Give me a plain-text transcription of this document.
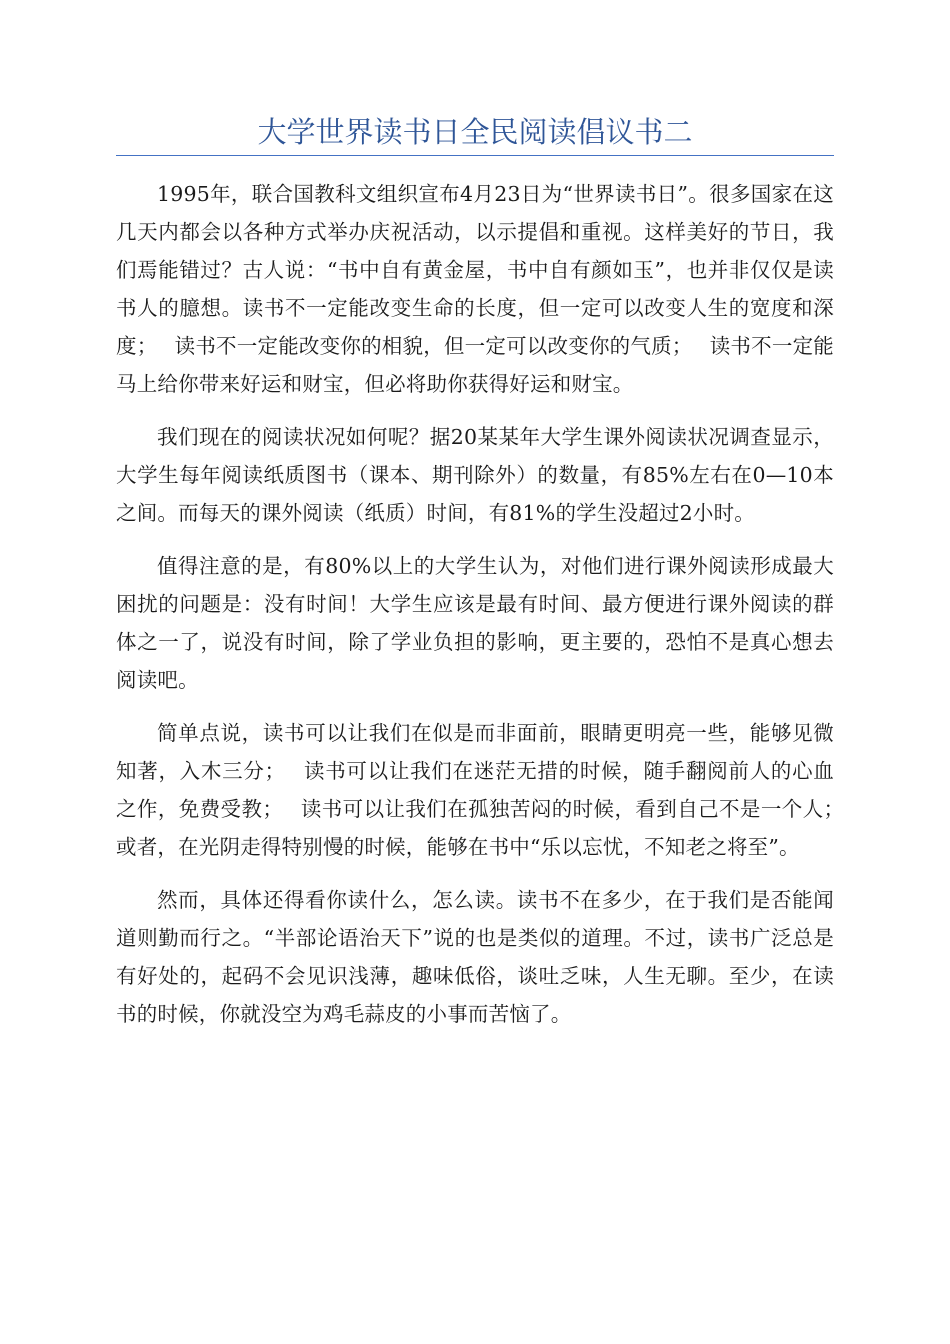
大学世界读书日全民阅读倡议书二

1995年，联合国教科文组织宣布4月23日为“世界读书日”。很多国家在这几天内都会以各种方式举办庆祝活动，以示提倡和重视。这样美好的节日，我们焉能错过？古人说：“书中自有黄金屋，书中自有颜如玉”，也并非仅仅是读书人的臆想。读书不一定能改变生命的长度，但一定可以改变人生的宽度和深度；　 读书不一定能改变你的相貌，但一定可以改变你的气质；　 读书不一定能马上给你带来好运和财宝，但必将助你获得好运和财宝。

我们现在的阅读状况如何呢？据20某某年大学生课外阅读状况调查显示，大学生每年阅读纸质图书（课本、期刊除外）的数量，有85%左右在0—10本之间。而每天的课外阅读（纸质）时间，有81%的学生没超过2小时。

值得注意的是，有80%以上的大学生认为，对他们进行课外阅读形成最大困扰的问题是：没有时间！大学生应该是最有时间、最方便进行课外阅读的群体之一了，说没有时间，除了学业负担的影响，更主要的，恐怕不是真心想去阅读吧。

简单点说，读书可以让我们在似是而非面前，眼睛更明亮一些，能够见微知著，入木三分；　 读书可以让我们在迷茫无措的时候，随手翻阅前人的心血之作，免费受教；　 读书可以让我们在孤独苦闷的时候，看到自己不是一个人；　 或者，在光阴走得特别慢的时候，能够在书中“乐以忘忧，不知老之将至”。

然而，具体还得看你读什么，怎么读。读书不在多少，在于我们是否能闻道则勤而行之。“半部论语治天下”说的也是类似的道理。不过，读书广泛总是有好处的，起码不会见识浅薄，趣味低俗，谈吐乏味，人生无聊。至少，在读书的时候，你就没空为鸡毛蒜皮的小事而苦恼了。
